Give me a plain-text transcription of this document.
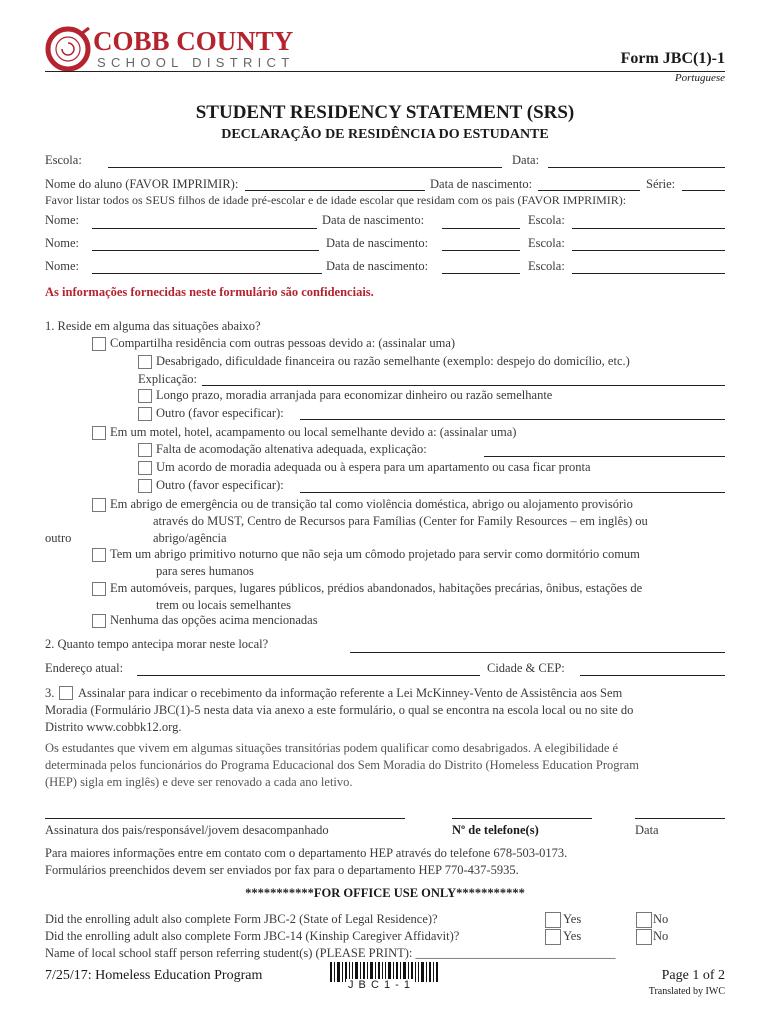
COBB COUNTY
SCHOOL DISTRICT	Form JBC(1)-1
Portuguese
STUDENT RESIDENCY STATEMENT (SRS)
DECLARAÇÃO DE RESIDÊNCIA DO ESTUDANTE
Escola:	Data:
Nome do aluno (FAVOR IMPRIMIR):	Data de nascimento:	Série:
Favor listar todos os SEUS filhos de idade pré-escolar e de idade escolar que residam com os pais (FAVOR IMPRIMIR):
Nome:	Data de nascimento:	Escola:
Nome:	Data de nascimento:	Escola:
Nome:	Data de nascimento:	Escola:
As informações fornecidas neste formulário são confidenciais.
1. Reside em alguma das situações abaixo?
Compartilha residência com outras pessoas devido a: (assinalar uma)
Desabrigado, dificuldade financeira ou razão semelhante (exemplo: despejo do domicílio, etc.)
Explicação:
Longo prazo, moradia arranjada para economizar dinheiro ou razão semelhante
Outro (favor especificar):
Em um motel, hotel, acampamento ou local semelhante devido a: (assinalar uma)
Falta de acomodação altenativa adequada, explicação:
Um acordo de moradia adequada ou à espera para um apartamento ou casa ficar pronta
Outro (favor especificar):
Em abrigo de emergência ou de transição tal como violência doméstica, abrigo ou alojamento provisório
através do MUST, Centro de Recursos para Famílias (Center for Family Resources – em inglês) ou
outro	abrigo/agência
Tem um abrigo primitivo noturno que não seja um cômodo projetado para servir como dormitório comum
para seres humanos
Em automóveis, parques, lugares públicos, prédios abandonados, habitações precárias, ônibus, estações de
trem ou locais semelhantes
Nenhuma das opções acima mencionadas
2. Quanto tempo antecipa morar neste local?
Endereço atual:	Cidade & CEP:
3. Assinalar para indicar o recebimento da informação referente a Lei McKinney-Vento de Assistência aos Sem
Moradia (Formulário JBC(1)-5 nesta data via anexo a este formulário, o qual se encontra na escola local ou no site do
Distrito www.cobbk12.org.
Os estudantes que vivem em algumas situações transitórias podem qualificar como desabrigados. A elegibilidade é
determinada pelos funcionários do Programa Educacional dos Sem Moradia do Distrito (Homeless Education Program
(HEP) sigla em inglês) e deve ser renovado a cada ano letivo.
Assinatura dos pais/responsável/jovem desacompanhado	Nº de telefone(s)	Data
Para maiores informações entre em contato com o departamento HEP através do telefone 678-503-0173.
Formulários preenchidos devem ser enviados por fax para o departamento HEP 770-437-5935.
***********FOR OFFICE USE ONLY***********
Did the enrolling adult also complete Form JBC-2 (State of Legal Residence)?	Yes	No
Did the enrolling adult also complete Form JBC-14 (Kinship Caregiver Affidavit)?	Yes	No
Name of local school staff person referring student(s) (PLEASE PRINT): ________________________________
7/25/17: Homeless Education Program
J B C 1 - 1
Page 1 of 2
Translated by IWC
